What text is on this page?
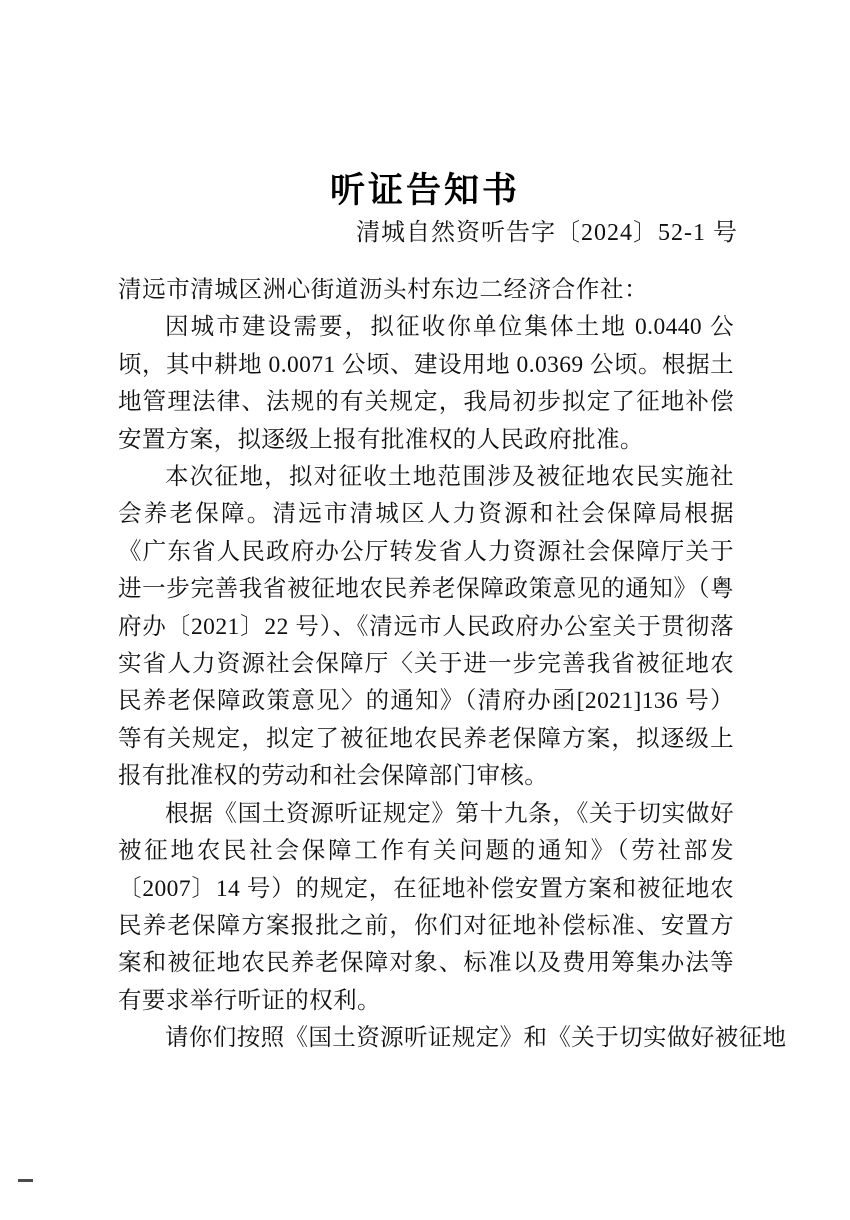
听证告知书
清城自然资听告字〔2024〕52-1 号

清远市清城区洲心街道沥头村东边二经济合作社：

因城市建设需要，拟征收你单位集体土地 0.0440 公顷，其中耕地 0.0071 公顷、建设用地 0.0369 公顷。根据土地管理法律、法规的有关规定，我局初步拟定了征地补偿安置方案，拟逐级上报有批准权的人民政府批准。

本次征地，拟对征收土地范围涉及被征地农民实施社会养老保障。清远市清城区人力资源和社会保障局根据《广东省人民政府办公厅转发省人力资源社会保障厅关于进一步完善我省被征地农民养老保障政策意见的通知》（粤府办〔2021〕22 号）、《清远市人民政府办公室关于贯彻落实省人力资源社会保障厅〈关于进一步完善我省被征地农民养老保障政策意见〉的通知》（清府办函[2021]136 号）等有关规定，拟定了被征地农民养老保障方案，拟逐级上报有批准权的劳动和社会保障部门审核。

根据《国土资源听证规定》第十九条，《关于切实做好被征地农民社会保障工作有关问题的通知》（劳社部发〔2007〕14 号）的规定，在征地补偿安置方案和被征地农民养老保障方案报批之前，你们对征地补偿标准、安置方案和被征地农民养老保障对象、标准以及费用筹集办法等有要求举行听证的权利。

请你们按照《国土资源听证规定》和《关于切实做好被征地
